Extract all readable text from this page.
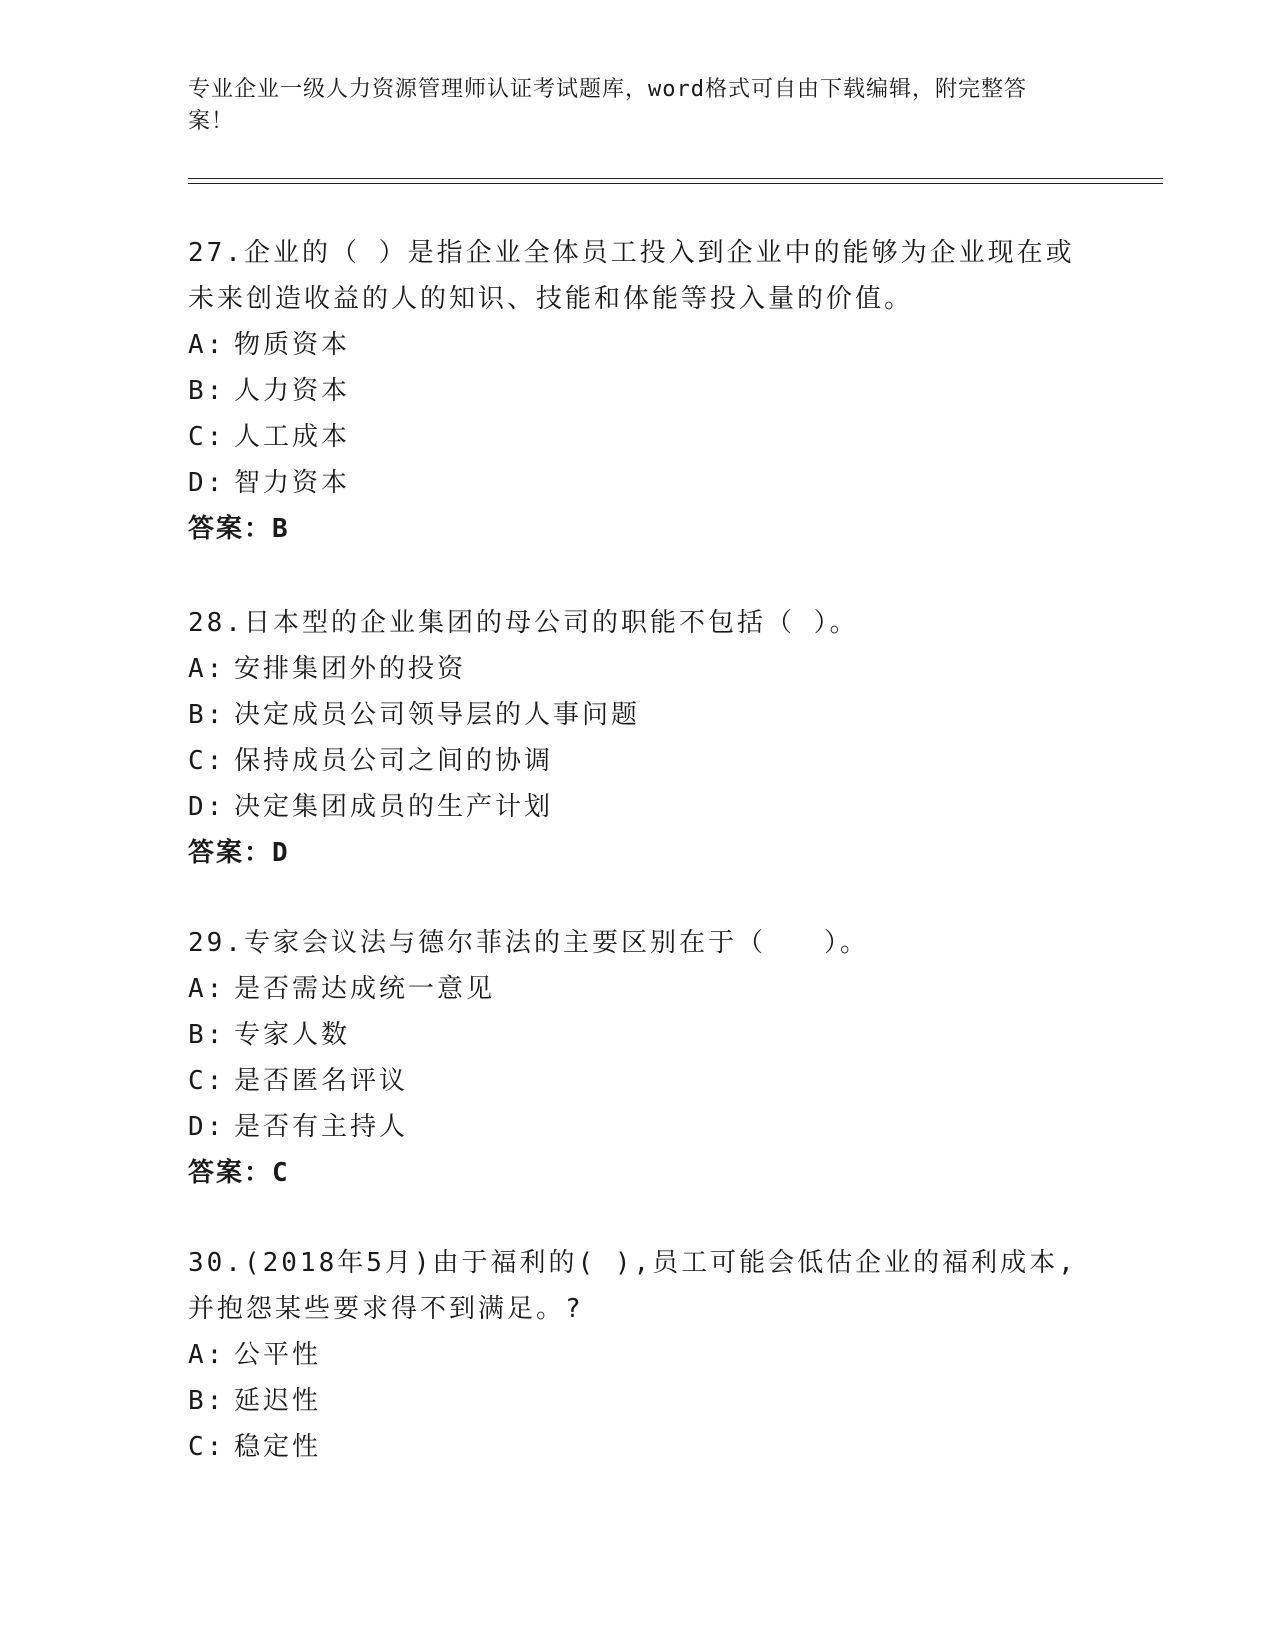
专业企业一级人力资源管理师认证考试题库，word格式可自由下载编辑，附完整答案！

27.企业的（ ）是指企业全体员工投入到企业中的能够为企业现在或未来创造收益的人的知识、技能和体能等投入量的价值。

A: 物质资本
B: 人力资本
C: 人工成本
D: 智力资本
答案：B

28.日本型的企业集团的母公司的职能不包括（ ）。

A: 安排集团外的投资
B: 决定成员公司领导层的人事问题
C: 保持成员公司之间的协调
D: 决定集团成员的生产计划
答案：D

29.专家会议法与德尔菲法的主要区别在于（　　）。

A: 是否需达成统一意见
B: 专家人数
C: 是否匿名评议
D: 是否有主持人
答案：C

30.(2018年5月)由于福利的( ),员工可能会低估企业的福利成本,并抱怨某些要求得不到满足。?

A: 公平性
B: 延迟性
C: 稳定性
